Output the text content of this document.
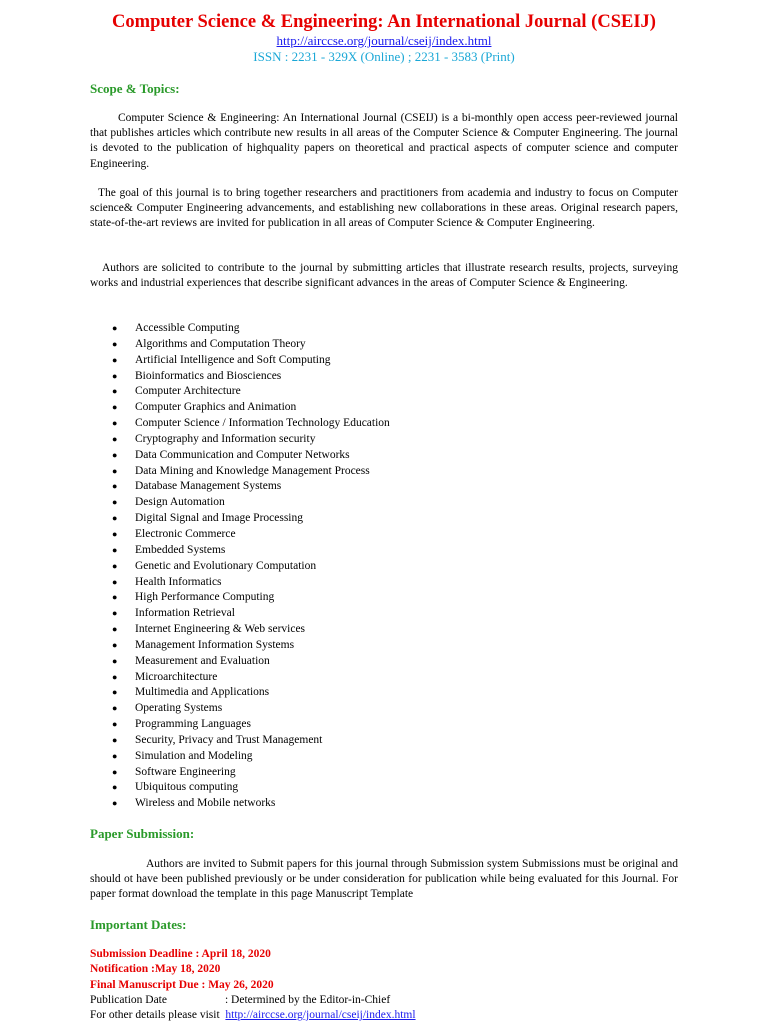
Computer Science & Engineering: An International Journal (CSEIJ)
http://airccse.org/journal/cseij/index.html
ISSN : 2231 - 329X (Online) ; 2231 - 3583 (Print)
Scope & Topics:
Computer Science & Engineering: An International Journal (CSEIJ) is a bi-monthly open access peer-reviewed journal that publishes articles which contribute new results in all areas of the Computer Science & Computer Engineering. The journal is devoted to the publication of highquality papers on theoretical and practical aspects of computer science and computer Engineering.
The goal of this journal is to bring together researchers and practitioners from academia and industry to focus on Computer science& Computer Engineering advancements, and establishing new collaborations in these areas. Original research papers, state-of-the-art reviews are invited for publication in all areas of Computer Science & Computer Engineering.
Authors are solicited to contribute to the journal by submitting articles that illustrate research results, projects, surveying works and industrial experiences that describe significant advances in the areas of Computer Science & Engineering.
● Accessible Computing
● Algorithms and Computation Theory
● Artificial Intelligence and Soft Computing
● Bioinformatics and Biosciences
● Computer Architecture
● Computer Graphics and Animation
● Computer Science / Information Technology Education
● Cryptography and Information security
● Data Communication and Computer Networks
● Data Mining and Knowledge Management Process
● Database Management Systems
● Design Automation
● Digital Signal and Image Processing
● Electronic Commerce
● Embedded Systems
● Genetic and Evolutionary Computation
● Health Informatics
● High Performance Computing
● Information Retrieval
● Internet Engineering & Web services
● Management Information Systems
● Measurement and Evaluation
● Microarchitecture
● Multimedia and Applications
● Operating Systems
● Programming Languages
● Security, Privacy and Trust Management
● Simulation and Modeling
● Software Engineering
● Ubiquitous computing
● Wireless and Mobile networks
Paper Submission:
Authors are invited to Submit papers for this journal through Submission system Submissions must be original and should ot have been published previously or be under consideration for publication while being evaluated for this Journal. For paper format download the template in this page Manuscript Template
Important Dates:
Submission Deadline : April 18, 2020
Notification :May 18, 2020
Final Manuscript Due : May 26, 2020
Publication Date	: Determined by the Editor-in-Chief
For other details please visit http://airccse.org/journal/cseij/index.html
